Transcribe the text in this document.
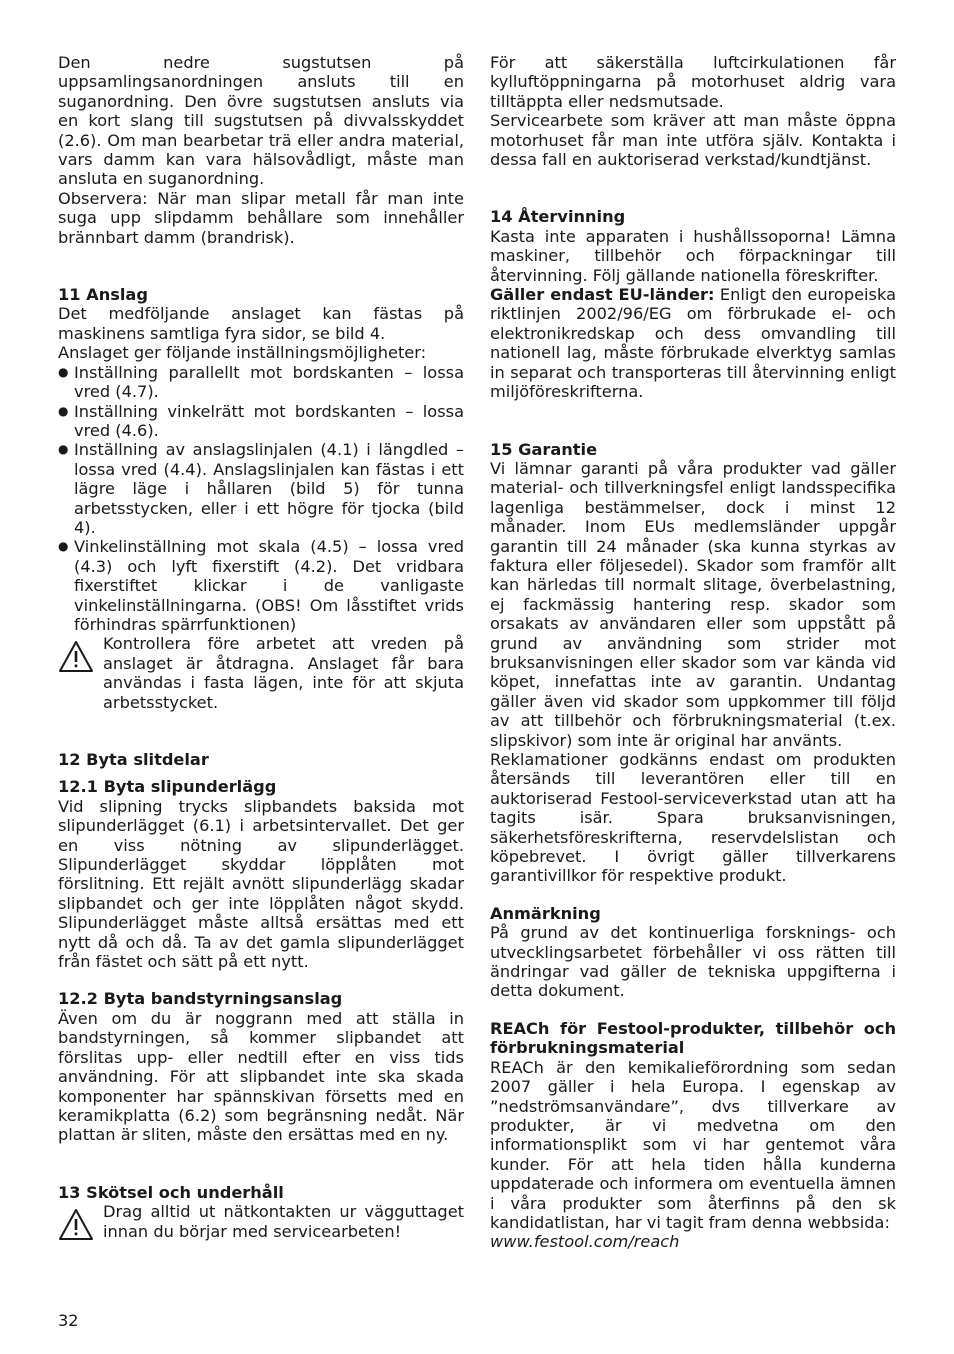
Den nedre sugstutsen på uppsamlingsanordningen ansluts till en suganordning. Den övre sugstutsen ansluts via en kort slang till sugstutsen på divvalsskyddet (2.6). Om man bearbetar trä eller andra material, vars damm kan vara hälsovådligt, måste man ansluta en suganordning.

Observera: När man slipar metall får man inte suga upp slipdamm behållare som innehåller brännbart damm (brandrisk).

11 Anslag

Det medföljande anslaget kan fästas på maskinens samtliga fyra sidor, se bild 4.

Anslaget ger följande inställningsmöjligheter:

● Inställning parallellt mot bordskanten – lossa vred (4.7).
● Inställning vinkelrätt mot bordskanten – lossa vred (4.6).
● Inställning av anslagslinjalen (4.1) i längdled – lossa vred (4.4). Anslagslinjalen kan fästas i ett lägre läge i hållaren (bild 5) för tunna arbetsstycken, eller i ett högre för tjocka (bild 4).
● Vinkelinställning mot skala (4.5) – lossa vred (4.3) och lyft fixerstift (4.2). Det vridbara fixerstiftet klickar i de vanligaste vinkelinställningarna. (OBS! Om låsstiftet vrids förhindras spärrfunktionen)

Kontrollera före arbetet att vreden på anslaget är åtdragna. Anslaget får bara användas i fasta lägen, inte för att skjuta arbetsstycket.

12 Byta slitdelar

12.1 Byta slipunderlägg

Vid slipning trycks slipbandets baksida mot slipunderlägget (6.1) i arbetsintervallet. Det ger en viss nötning av slipunderlägget. Slipunderlägget skyddar löpplåten mot förslitning. Ett rejält avnött slipunderlägg skadar slipbandet och ger inte löpplåten något skydd. Slipunderlägget måste alltså ersättas med ett nytt då och då. Ta av det gamla slipunderlägget från fästet och sätt på ett nytt.

12.2 Byta bandstyrningsanslag

Även om du är noggrann med att ställa in bandstyrningen, så kommer slipbandet att förslitas upp- eller nedtill efter en viss tids användning. För att slipbandet inte ska skada komponenter har spännskivan försetts med en keramikplatta (6.2) som begränsning nedåt. När plattan är sliten, måste den ersättas med en ny.

13 Skötsel och underhåll

Drag alltid ut nätkontakten ur vägguttaget innan du börjar med servicearbeten!

För att säkerställa luftcirkulationen får kylluftöppningarna på motorhuset aldrig vara tilltäppta eller nedsmutsade.

Servicearbete som kräver att man måste öppna motorhuset får man inte utföra själv. Kontakta i dessa fall en auktoriserad verkstad/kundtjänst.

14 Återvinning

Kasta inte apparaten i hushållssoporna! Lämna maskiner, tillbehör och förpackningar till återvinning. Följ gällande nationella föreskrifter.

Gäller endast EU-länder: Enligt den europeiska riktlinjen 2002/96/EG om förbrukade el- och elektronikredskap och dess omvandling till nationell lag, måste förbrukade elverktyg samlas in separat och transporteras till återvinning enligt miljöföreskrifterna.

15 Garantie

Vi lämnar garanti på våra produkter vad gäller material- och tillverkningsfel enligt landsspecifika lagenliga bestämmelser, dock i minst 12 månader. Inom EUs medlemsländer uppgår garantin till 24 månader (ska kunna styrkas av faktura eller följesedel). Skador som framför allt kan härledas till normalt slitage, överbelastning, ej fackmässig hantering resp. skador som orsakats av användaren eller som uppstått på grund av användning som strider mot bruksanvisningen eller skador som var kända vid köpet, innefattas inte av garantin. Undantag gäller även vid skador som uppkommer till följd av att tillbehör och förbrukningsmaterial (t.ex. slipskivor) som inte är original har använts.

Reklamationer godkänns endast om produkten återsänds till leverantören eller till en auktoriserad Festool-serviceverkstad utan att ha tagits isär. Spara bruksanvisningen, säkerhetsföreskrifterna, reservdelslistan och köpebrevet. I övrigt gäller tillverkarens garantivillkor för respektive produkt.

Anmärkning

På grund av det kontinuerliga forsknings- och utvecklingsarbetet förbehåller vi oss rätten till ändringar vad gäller de tekniska uppgifterna i detta dokument.

REACh för Festool-produkter, tillbehör och förbrukningsmaterial

REACh är den kemikalieförordning som sedan 2007 gäller i hela Europa. I egenskap av ”nedströmsanvändare”, dvs tillverkare av produkter, är vi medvetna om den informationsplikt som vi har gentemot våra kunder. För att hela tiden hålla kunderna uppdaterade och informera om eventuella ämnen i våra produkter som återfinns på den sk kandidatlistan, har vi tagit fram denna webbsida:

www.festool.com/reach

32
